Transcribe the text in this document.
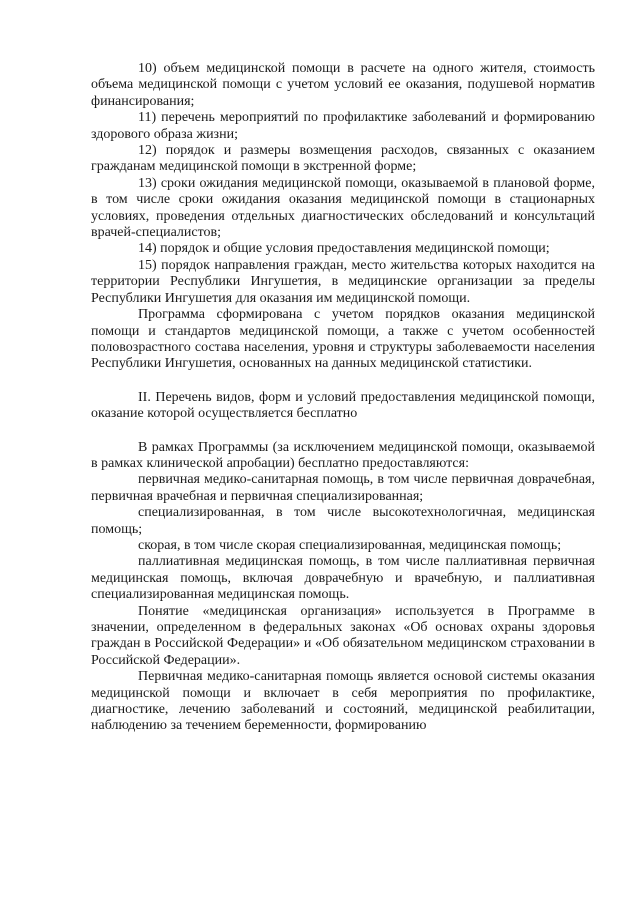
10) объем медицинской помощи в расчете на одного жителя, стоимость объема медицинской помощи с учетом условий ее оказания, подушевой норматив финансирования;

11) перечень мероприятий по профилактике заболеваний и формированию здорового образа жизни;

12) порядок и размеры возмещения расходов, связанных с оказанием гражданам медицинской помощи в экстренной форме;

13) сроки ожидания медицинской помощи, оказываемой в плановой форме, в том числе сроки ожидания оказания медицинской помощи в стационарных условиях, проведения отдельных диагностических обследований и консультаций врачей-специалистов;

14) порядок и общие условия предоставления медицинской помощи;

15) порядок направления граждан, место жительства которых находится на территории Республики Ингушетия, в медицинские организации за пределы Республики Ингушетия для оказания им медицинской помощи.

Программа сформирована с учетом порядков оказания медицинской помощи и стандартов медицинской помощи, а также с учетом особенностей половозрастного состава населения, уровня и структуры заболеваемости населения Республики Ингушетия, основанных на данных медицинской статистики.

II. Перечень видов, форм и условий предоставления медицинской помощи, оказание которой осуществляется бесплатно

В рамках Программы (за исключением медицинской помощи, оказываемой в рамках клинической апробации) бесплатно предоставляются:

первичная медико-санитарная помощь, в том числе первичная доврачебная, первичная врачебная и первичная специализированная;

специализированная, в том числе высокотехнологичная, медицинская помощь;

скорая, в том числе скорая специализированная, медицинская помощь;

паллиативная медицинская помощь, в том числе паллиативная первичная медицинская помощь, включая доврачебную и врачебную, и паллиативная специализированная медицинская помощь.

Понятие «медицинская организация» используется в Программе в значении, определенном в федеральных законах «Об основах охраны здоровья граждан в Российской Федерации» и «Об обязательном медицинском страховании в Российской Федерации».

Первичная медико-санитарная помощь является основой системы оказания медицинской помощи и включает в себя мероприятия по профилактике, диагностике, лечению заболеваний и состояний, медицинской реабилитации, наблюдению за течением беременности, формированию
